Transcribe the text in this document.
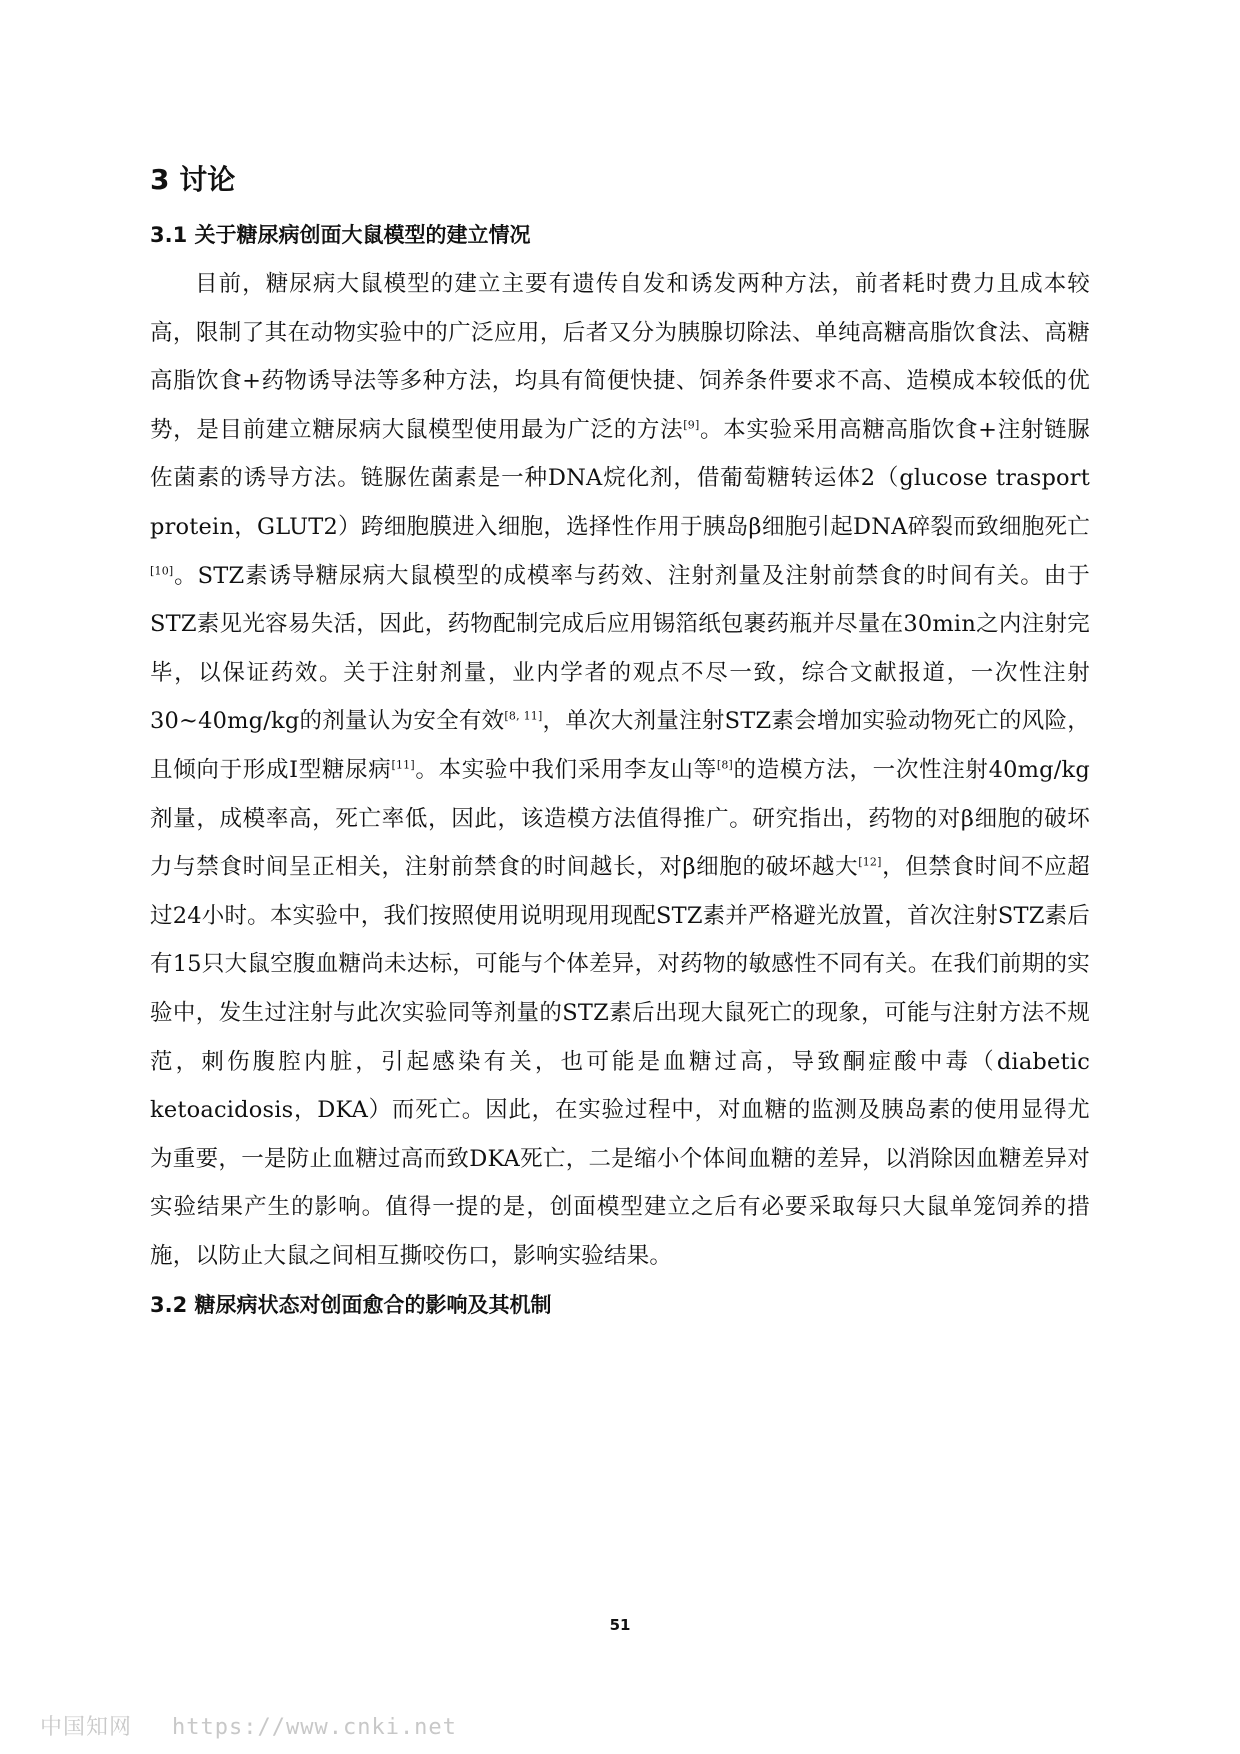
3 讨论
3.1 关于糖尿病创面大鼠模型的建立情况

目前，糖尿病大鼠模型的建立主要有遗传自发和诱发两种方法，前者耗时费力且成本较高，限制了其在动物实验中的广泛应用，后者又分为胰腺切除法、单纯高糖高脂饮食法、高糖高脂饮食+药物诱导法等多种方法，均具有简便快捷、饲养条件要求不高、造模成本较低的优势，是目前建立糖尿病大鼠模型使用最为广泛的方法[9]。本实验采用高糖高脂饮食+注射链脲佐菌素的诱导方法。链脲佐菌素是一种DNA烷化剂，借葡萄糖转运体2（glucose trasport protein，GLUT2）跨细胞膜进入细胞，选择性作用于胰岛β细胞引起DNA碎裂而致细胞死亡[10]。STZ素诱导糖尿病大鼠模型的成模率与药效、注射剂量及注射前禁食的时间有关。由于STZ素见光容易失活，因此，药物配制完成后应用锡箔纸包裹药瓶并尽量在30min之内注射完毕，以保证药效。关于注射剂量，业内学者的观点不尽一致，综合文献报道，一次性注射30~40mg/kg的剂量认为安全有效[8, 11]，单次大剂量注射STZ素会增加实验动物死亡的风险，且倾向于形成I型糖尿病[11]。本实验中我们采用李友山等[8]的造模方法，一次性注射40mg/kg剂量，成模率高，死亡率低，因此，该造模方法值得推广。研究指出，药物的对β细胞的破坏力与禁食时间呈正相关，注射前禁食的时间越长，对β细胞的破坏越大[12]，但禁食时间不应超过24小时。本实验中，我们按照使用说明现用现配STZ素并严格避光放置，首次注射STZ素后有15只大鼠空腹血糖尚未达标，可能与个体差异，对药物的敏感性不同有关。在我们前期的实验中，发生过注射与此次实验同等剂量的STZ素后出现大鼠死亡的现象，可能与注射方法不规范，刺伤腹腔内脏，引起感染有关，也可能是血糖过高，导致酮症酸中毒（diabetic ketoacidosis，DKA）而死亡。因此，在实验过程中，对血糖的监测及胰岛素的使用显得尤为重要，一是防止血糖过高而致DKA死亡，二是缩小个体间血糖的差异，以消除因血糖差异对实验结果产生的影响。值得一提的是，创面模型建立之后有必要采取每只大鼠单笼饲养的措施，以防止大鼠之间相互撕咬伤口，影响实验结果。

3.2 糖尿病状态对创面愈合的影响及其机制
51
中国知网 https://www.cnki.net
